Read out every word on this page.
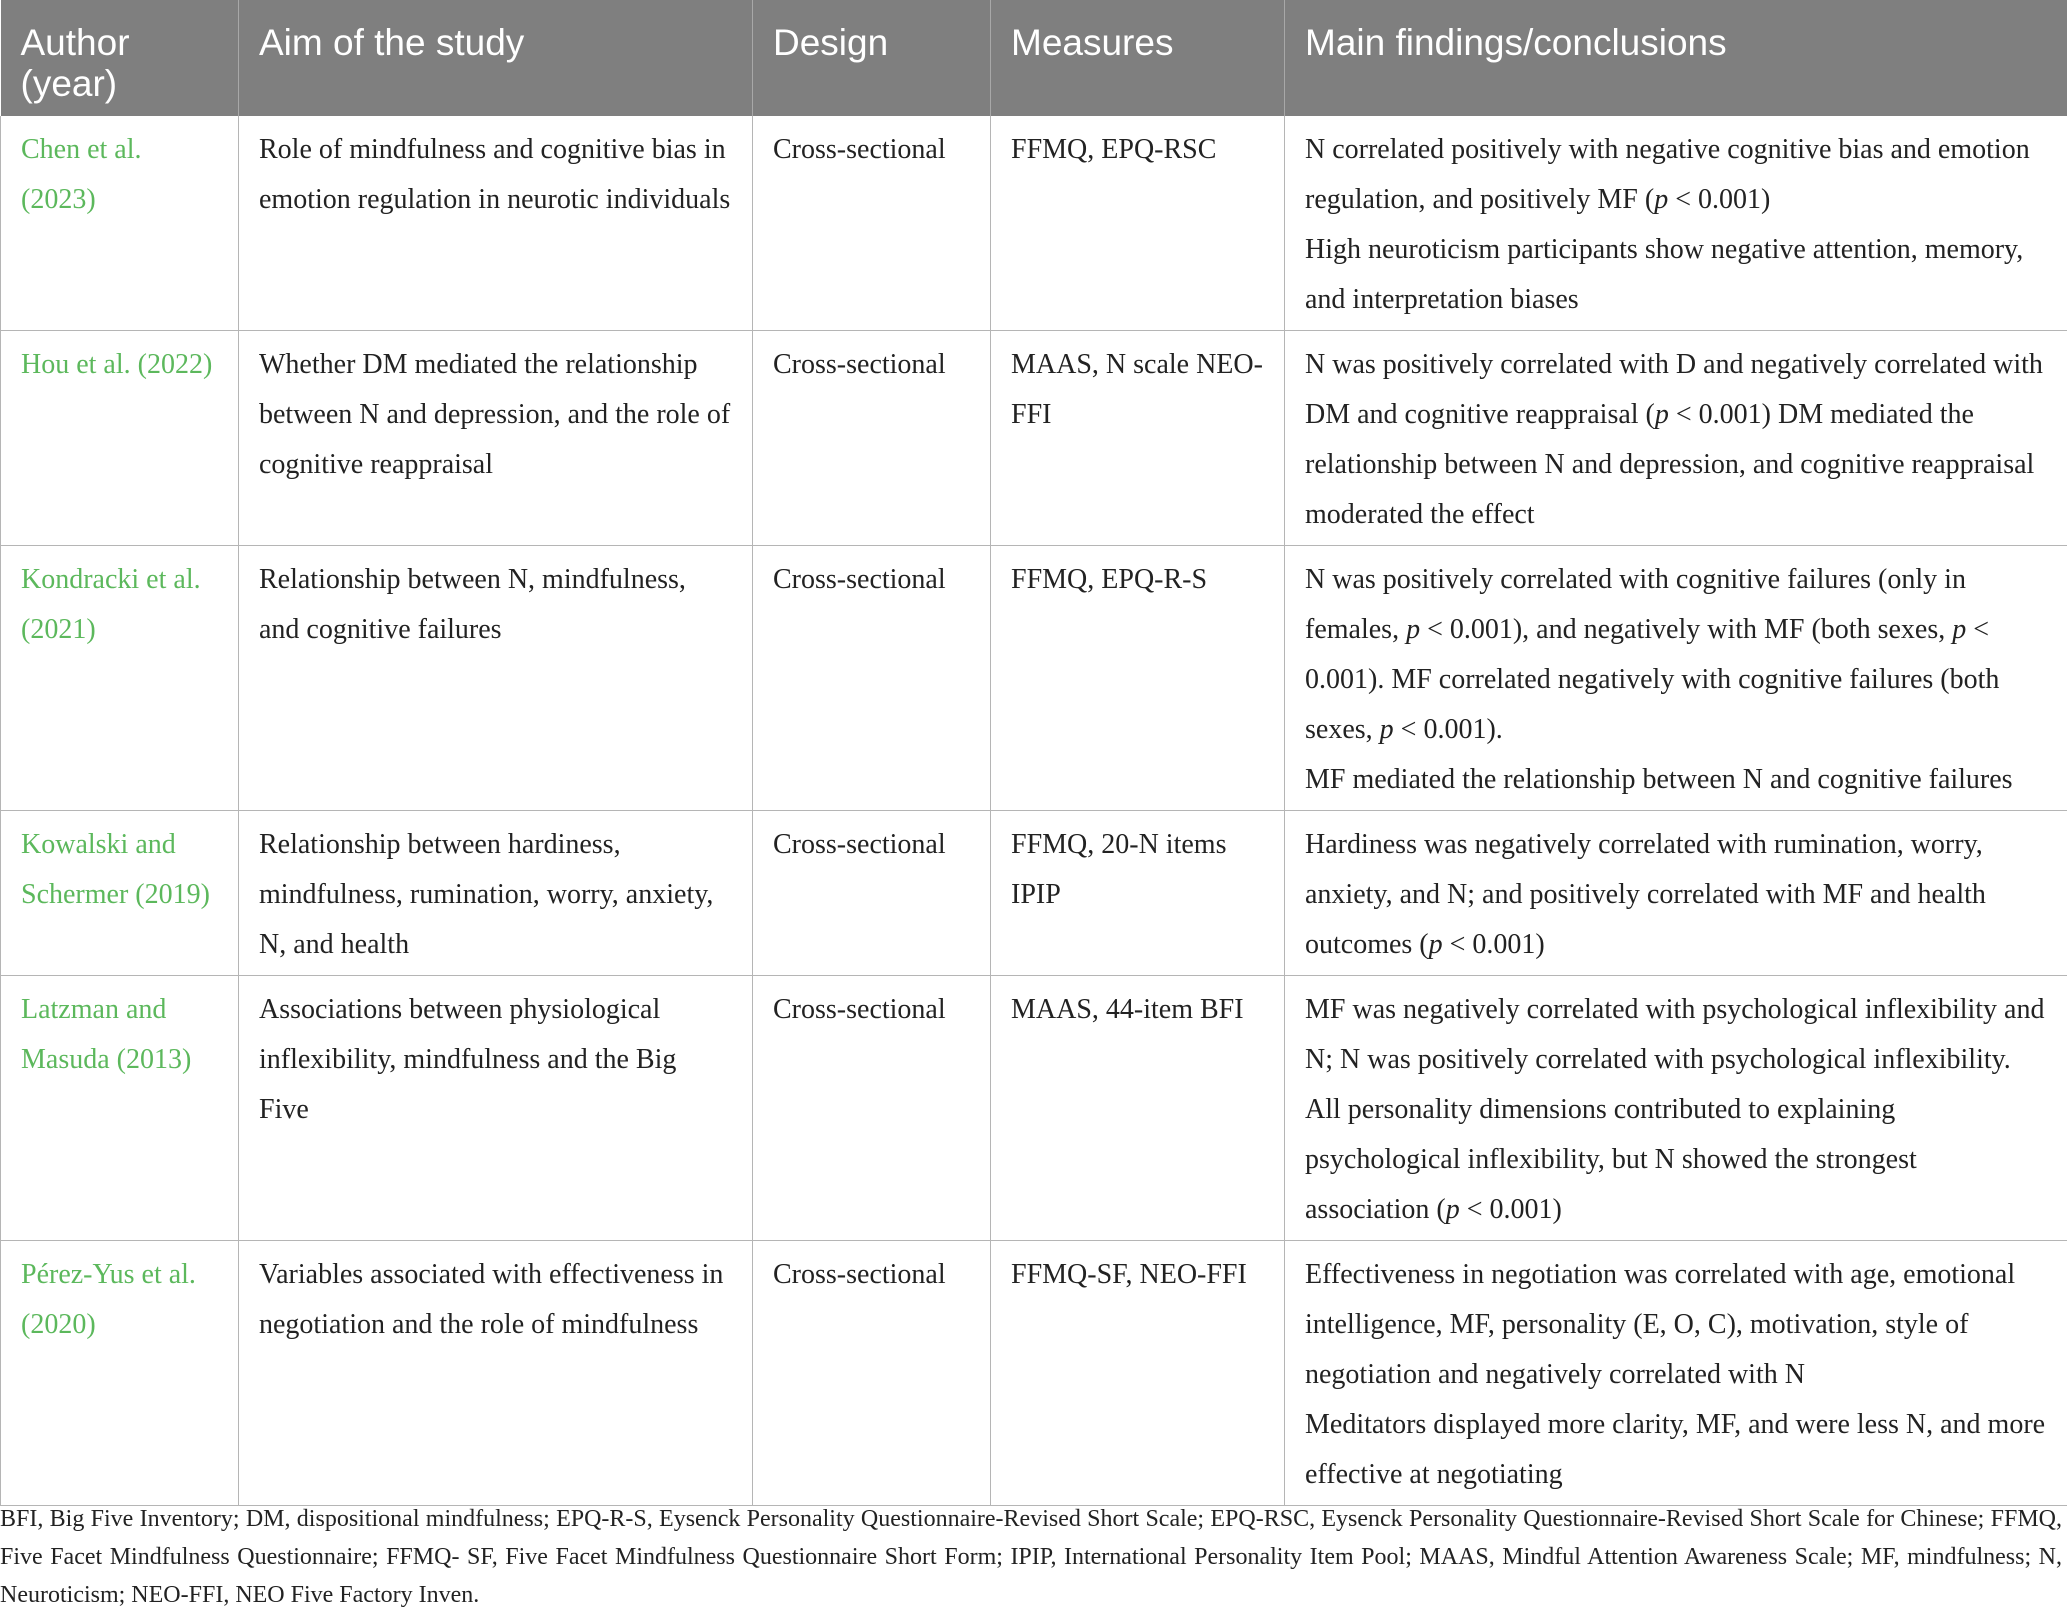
Author (year)	Aim of the study	Design	Measures	Main findings/conclusions
Chen et al. (2023)	Role of mindfulness and cognitive bias in emotion regulation in neurotic individuals	Cross-sectional	FFMQ, EPQ-RSC	N correlated positively with negative cognitive bias and emotion regulation, and positively MF (p < 0.001)
High neuroticism participants show negative attention, memory, and interpretation biases

Hou et al. (2022)	Whether DM mediated the relationship between N and depression, and the role of cognitive reappraisal	Cross-sectional	MAAS, N scale NEO-FFI	N was positively correlated with D and negatively correlated with DM and cognitive reappraisal (p < 0.001) DM mediated the relationship between N and depression, and cognitive reappraisal moderated the effect

Kondracki et al. (2021)	Relationship between N, mindfulness, and cognitive failures	Cross-sectional	FFMQ, EPQ-R-S	N was positively correlated with cognitive failures (only in females, p < 0.001), and negatively with MF (both sexes, p < 0.001). MF correlated negatively with cognitive failures (both sexes, p < 0.001).
MF mediated the relationship between N and cognitive failures

Kowalski and Schermer (2019)	Relationship between hardiness, mindfulness, rumination, worry, anxiety, N, and health	Cross-sectional	FFMQ, 20-N items IPIP	Hardiness was negatively correlated with rumination, worry, anxiety, and N; and positively correlated with MF and health outcomes (p < 0.001)

Latzman and Masuda (2013)	Associations between physiological inflexibility, mindfulness and the Big Five	Cross-sectional	MAAS, 44-item BFI	MF was negatively correlated with psychological inflexibility and N; N was positively correlated with psychological inflexibility. All personality dimensions contributed to explaining psychological inflexibility, but N showed the strongest association (p < 0.001)

Pérez-Yus et al. (2020)	Variables associated with effectiveness in negotiation and the role of mindfulness	Cross-sectional	FFMQ-SF, NEO-FFI	Effectiveness in negotiation was correlated with age, emotional intelligence, MF, personality (E, O, C), motivation, style of negotiation and negatively correlated with N
Meditators displayed more clarity, MF, and were less N, and more effective at negotiating

BFI, Big Five Inventory; DM, dispositional mindfulness; EPQ-R-S, Eysenck Personality Questionnaire-Revised Short Scale; EPQ-RSC, Eysenck Personality Questionnaire-Revised Short Scale for Chinese; FFMQ, Five Facet Mindfulness Questionnaire; FFMQ- SF, Five Facet Mindfulness Questionnaire Short Form; IPIP, International Personality Item Pool; MAAS, Mindful Attention Awareness Scale; MF, mindfulness; N, Neuroticism; NEO-FFI, NEO Five Factory Inven.
